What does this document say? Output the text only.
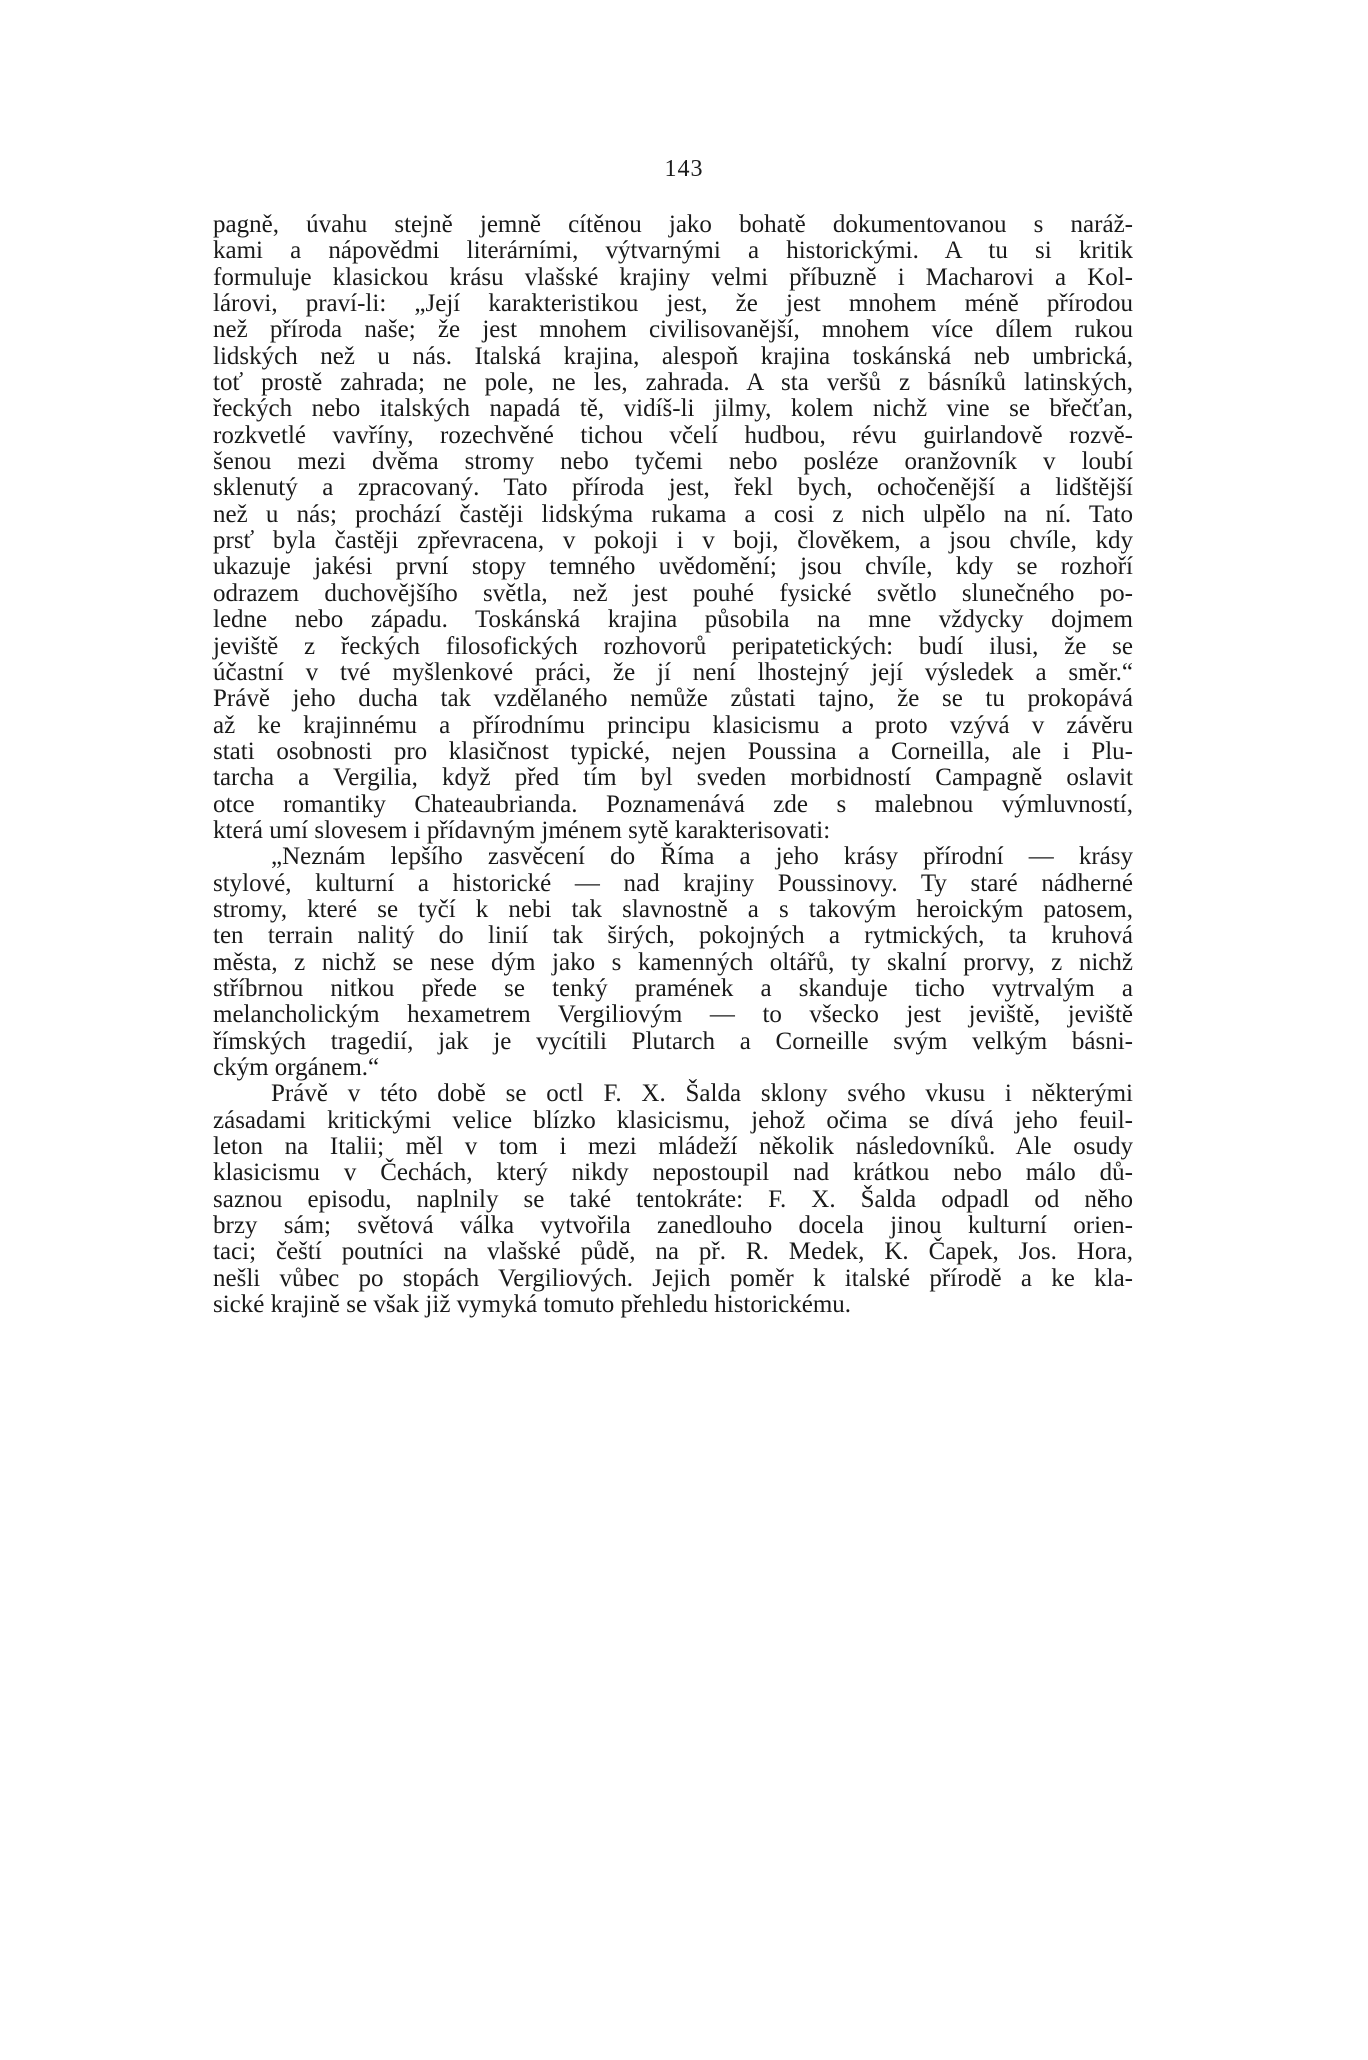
143
pagně, úvahu stejně jemně cítěnou jako bohatě dokumentovanou s naráž-
kami a nápovědmi literárními, výtvarnými a historickými. A tu si kritik
formuluje klasickou krásu vlašské krajiny velmi příbuzně i Macharovi a Kol-
lárovi, praví-li: „Její karakteristikou jest, že jest mnohem méně přírodou
než příroda naše; že jest mnohem civilisovanější, mnohem více dílem rukou
lidských než u nás. Italská krajina, alespoň krajina toskánská neb umbrická,
toť prostě zahrada; ne pole, ne les, zahrada. A sta veršů z básníků latinských,
řeckých nebo italských napadá tě, vidíš-li jilmy, kolem nichž vine se břečťan,
rozkvetlé vavříny, rozechvěné tichou včelí hudbou, révu guirlandově rozvě-
šenou mezi dvěma stromy nebo tyčemi nebo posléze oranžovník v loubí
sklenutý a zpracovaný. Tato příroda jest, řekl bych, ochočenější a lidštější
než u nás; prochází častěji lidskýma rukama a cosi z nich ulpělo na ní. Tato
prsť byla častěji zpřevracena, v pokoji i v boji, člověkem, a jsou chvíle, kdy
ukazuje jakési první stopy temného uvědomění; jsou chvíle, kdy se rozhoří
odrazem duchovějšího světla, než jest pouhé fysické světlo slunečného po-
ledne nebo západu. Toskánská krajina působila na mne vždycky dojmem
jeviště z řeckých filosofických rozhovorů peripatetických: budí ilusi, že se
účastní v tvé myšlenkové práci, že jí není lhostejný její výsledek a směr.“
Právě jeho ducha tak vzdělaného nemůže zůstati tajno, že se tu prokopává
až ke krajinnému a přírodnímu principu klasicismu a proto vzývá v závěru
stati osobnosti pro klasičnost typické, nejen Poussina a Corneilla, ale i Plu-
tarcha a Vergilia, když před tím byl sveden morbidností Campagně oslavit
otce romantiky Chateaubrianda. Poznamenává zde s malebnou výmluvností,
která umí slovesem i přídavným jménem sytě karakterisovati:
„Neznám lepšího zasvěcení do Říma a jeho krásy přírodní — krásy
stylové, kulturní a historické — nad krajiny Poussinovy. Ty staré nádherné
stromy, které se tyčí k nebi tak slavnostně a s takovým heroickým patosem,
ten terrain nalitý do linií tak širých, pokojných a rytmických, ta kruhová
města, z nichž se nese dým jako s kamenných oltářů, ty skalní prorvy, z nichž
stříbrnou nitkou přede se tenký pramének a skanduje ticho vytrvalým a
melancholickým hexametrem Vergiliovým — to všecko jest jeviště, jeviště
římských tragedií, jak je vycítili Plutarch a Corneille svým velkým básni-
ckým orgánem.“
Právě v této době se octl F. X. Šalda sklony svého vkusu i některými
zásadami kritickými velice blízko klasicismu, jehož očima se dívá jeho feuil-
leton na Italii; měl v tom i mezi mládeží několik následovníků. Ale osudy
klasicismu v Čechách, který nikdy nepostoupil nad krátkou nebo málo dů-
saznou episodu, naplnily se také tentokráte: F. X. Šalda odpadl od něho
brzy sám; světová válka vytvořila zanedlouho docela jinou kulturní orien-
taci; čeští poutníci na vlašské půdě, na př. R. Medek, K. Čapek, Jos. Hora,
nešli vůbec po stopách Vergiliových. Jejich poměr k italské přírodě a ke kla-
sické krajině se však již vymyká tomuto přehledu historickému.
